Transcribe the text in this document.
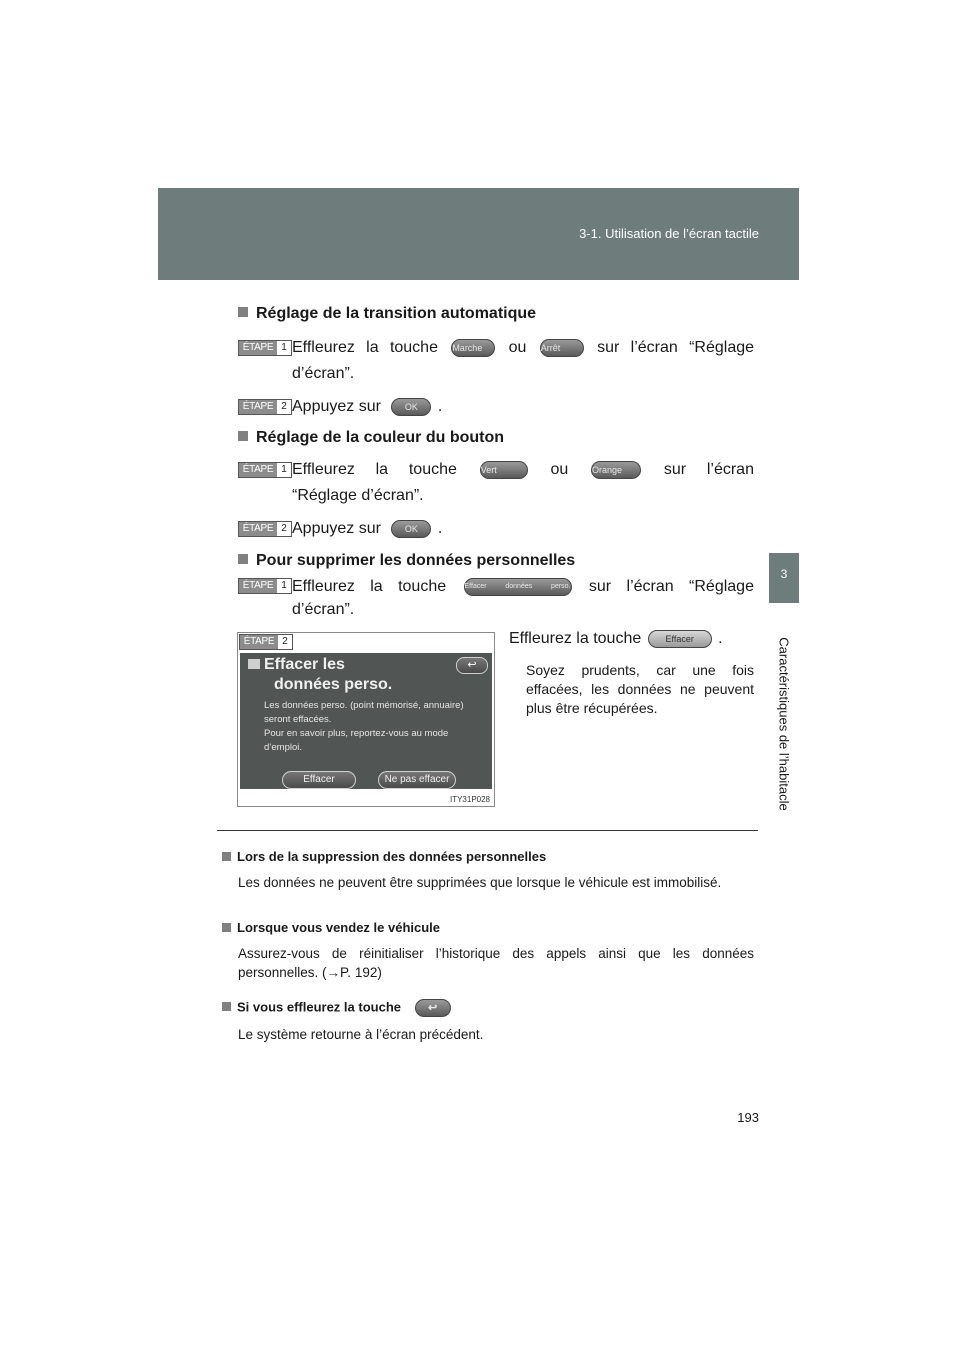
3-1. Utilisation de l’écran tactile
3
Caractéristiques de l’habitacle
Réglage de la transition automatique
ÉTAPE 1 Effleurez la touche Marche ou Arrêt sur l’écran “Réglage
d’écran”.
ÉTAPE 2 Appuyez sur	OK .
Réglage de la couleur du bouton
ÉTAPE 1 Effleurez la touche	Vert	ou	Orange	sur l’écran
“Réglage d’écran”.
ÉTAPE 2 Appuyez sur	OK .
Pour supprimer les données personnelles
ÉTAPE 1 Effleurez la touche	Effacer données perso. sur l’écran “Réglage
d’écran”.
ÉTAPE 2
Effacer les
données perso.
↩
Les données perso. (point mémorisé, annuaire)
seront effacées.
Pour en savoir plus, reportez-vous au mode d’emploi.
Effacer	Ne pas effacer
ITY31P028
Effleurez la touche	Effacer .
Soyez prudents, car une fois effacées, les données ne peuvent plus être récupérées.
Lors de la suppression des données personnelles
Les données ne peuvent être supprimées que lorsque le véhicule est immobilisé.
Lorsque vous vendez le véhicule
Assurez-vous de réinitialiser l’historique des appels ainsi que les données personnelles. (→P. 192)
Si vous effleurez la touche ↩
Le système retourne à l’écran précédent.
193
